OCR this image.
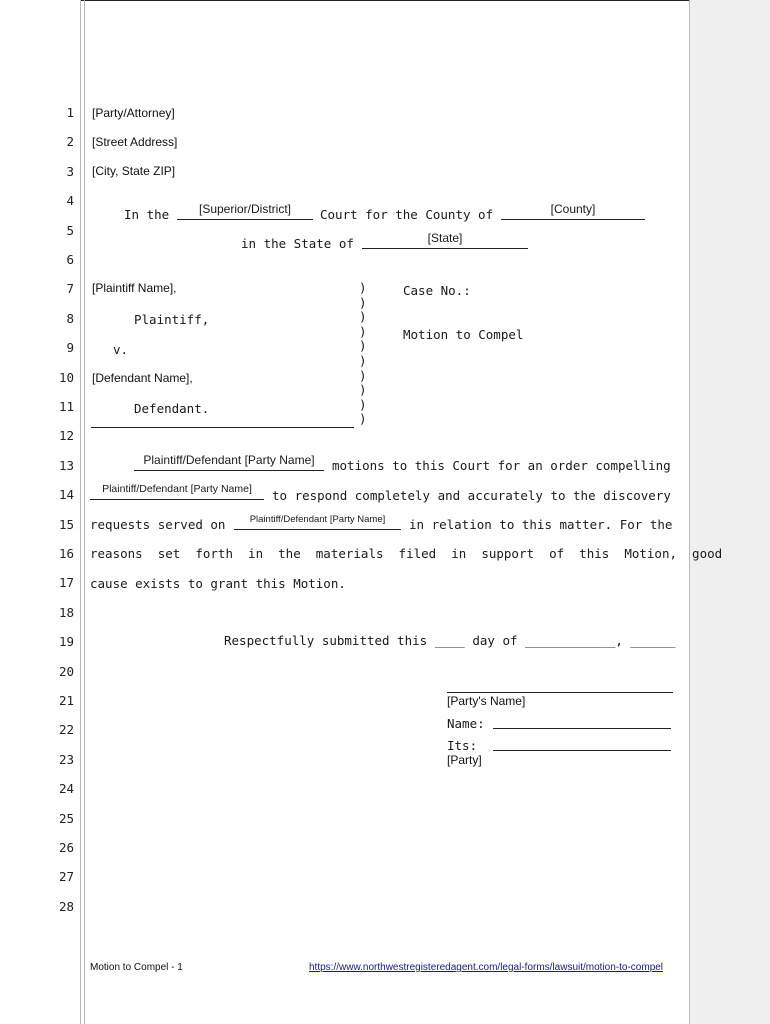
1
2
3
4
5
6
7
8
9
10
11
12
13
14
15
16
17
18
19
20
21
22
23
24
25
26
27
28
[Party/Attorney]
[Street Address]
[City, State ZIP]
In the	[Superior/District]	Court for the County of	[County]
in the State of	[State]
[Plaintiff Name],
Plaintiff,
v.
[Defendant Name],
Defendant.
)
)
)
)
)
)
)
)
)
)
Case No.:
Motion to Compel
Plaintiff/Defendant [Party Name]	motions to this Court for an order compelling
Plaintiff/Defendant [Party Name]	to respond completely and accurately to the discovery
requests served on	Plaintiff/Defendant [Party Name]	in relation to this matter. For the
reasons  set  forth  in  the  materials  filed  in  support  of  this  Motion,  good
cause exists to grant this Motion.
Respectfully submitted this ____ day of ____________, ______
[Party's Name]
Name:
Its:
[Party]
Motion to Compel - 1	https://www.northwestregisteredagent.com/legal-forms/lawsuit/motion-to-compel
